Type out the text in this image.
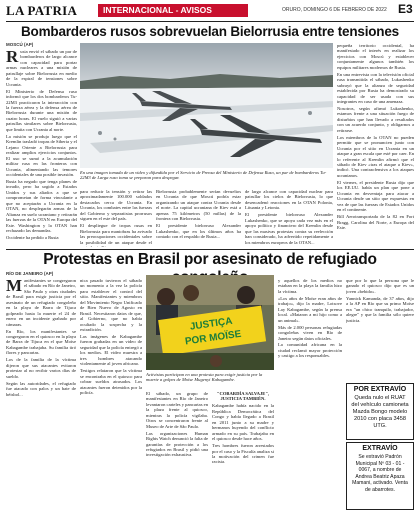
LA PATRIA	INTERNACIONAL - AVISOS	ORURO, DOMINGO 6 DE FEBRERO DE 2022 E3
Bombarderos rusos sobrevuelan Bielorrusia entre tensiones
MOSCÚ (AP)
R usia envió el sábado un par de bombarderos de largo alcance con capacidad para portar armas nucleares a una misión de patrullaje sobre Bielorrusia en medio de la espiral de tensiones sobre Ucrania.

El Ministerio de Defensa ruso informó que los dos bombarderos Tu-22M3 practicaron la interacción con la fuerza aérea y la defensa aérea de Bielorrusia durante una misión de cuatro horas. El vuelo siguió a varias patrullas similares sobre Bielorrusia, que limita con Ucrania al norte.

La misión se produjo luego que el Kremlin trasladó tropas de Siberia y el Lejano Oriente a Bielorrusia para realizar amplios ejercicios conjuntos. El uso se sumó a la acumulación militar rusa en las fronteras con Ucrania, alimentando las temores occidentales de una posible invasión.

Rusia ha negado que tenga planes de invadir, pero ha urgido a Estados Unidos y sus aliados a que se comprometan de forma vinculante a que no aceptarán a Ucrania en la OTAN, no desplegarán armas de la Alianza en suelo ucraniano y retirarán las fuerzas de la OTAN en Europa del Este. Washington y la OTAN han rechazado las demandas.

Occidente ha pedido a Rusia

En una imagen tomada de un video y difundida por el Servicio de Prensa del Ministerio de Defensa Ruso, un par de bombarderos Tu-22M3 de Larga ruso toma se preparan para despegar.

para reducir la tensión y retirar las aproximadamente 100.000 soldados destacados cerca de Ucrania. En Ucrania, los combates entre las fuerzas del Gobierno y separatistas prorrusos siguen en el este del país.

El despliegue de tropas rusas en Bielorrusia para maniobras ha avivado las preocupaciones occidentales sobre la posibilidad de un ataque desde el

Bielorrusia probablemente serían devueltos en Ucrania de que Moscú podría estar organizando un ataque contra Ucrania desde el norte. La capital ucraniana de Kiev está a apenas 75 kilómetros (50 millas) de la frontera con Bielorrusia.

El presidente bielorruso Alexander Lukashenko, que en los últimos años ha contado con el respaldo de Rusia...

de largo alcance con capacidad nuclear para patrullar los cielos de Bielorrusia, lo que desencadenó reacciones en la OTAN Polonia, Lituania y Letonia.

El presidente bielorruso Alexander Lukashenko, que se apoya cada vez más en el apoyo político y financiero del Kremlin desde que las masivas protestas contra su reelección han considerado, ha advertido repetidamente a los miembros europeos de la OTAN...

pequeña territorio occidental, ha manifestado el interés en realizar los ejercicios con Moscú y establecer conjuntamente algunos también los equipos militares modernos de Rusia.

En una entrevista con la televisión oficial rusa transmitida el sábado, Lukashenko subrayó que la alianza de seguridad establecida por Rusia ha demostrado su capacidad de ser usada con sus integrantes en caso de una amenaza.

Nosotros, según afirmó Lukashenko, estamos frente a una situación fuego de disturbios que han llevado a resultados con un acuerdo conjunto, y obligarnos a retirarse.

Los miembros de la OTAN no pueden permitir que se pronuncien junto con Ucrania por el sitio en Ucrania en un ataque a gran escala que esté por caer. En lo referente al Kremlin afirmó que el sábado de Kiev «tras el ataque a Kiev», indicó. Una contraofensiva a los ataques ucranianos.

El viernes, el presidente Rusia dijo que los EE.UU. había un plan que pone a Ucrania en desventaja para atacar a Ucrania desde un sitio que expuestas en vez de que las fuerzas de Estados Unidos en el continente.

Bill Aerotransportada de la 82 en Fort Bragg, Carolina del Norte, a Europa del Este.

Protestas en Brasil por asesinato de refugiado
RÍO DE JANEIRO (AP)
M anifestantes se congregaron el sábado en Río de Janeiro, São Paulo y otras ciudades de Brasil para exigir justicia por el asesinato de un refugiado congoleño en la playa de Barra de Tijuca golpeado hasta la muerte el 24 de enero en un incidente grabado por cámaras.

En Río, los manifestantes se congregaron en el quiosco en la playa de Barra de Tijuca en el que Moïse Kabagambe trabajaba. Su familia tiró flores y pancartas.

Los de la familia de la víctima dijeron que sus atacantes evitaron protestar al no recibir varios días de sueldo.

Según las autoridades, el refugiado fue atacado con palos y un bate de béisbol...

nica pasado tuvieron el sábado un momento a la vez la policía para establecer el control del sitio. Manifestantes y miembros del Movimiento Negro Unificado de Bien Nuevo de Agosto en Brasil. Necesitaron datos de que, al Gobierno, que no había ocultado la sospecha y la extradición.

Las imágenes de Kabagambe fueron grabadas en un video de seguridad que la policía entregó a los medios. El video muestra a tres hombres atacando violentamente al joven africano.

Testigos relataron que la víctima se encontraba en el quiosco para cobrar sueldos atrasados. Los atacantes fueron detenidos por la policía.

JUSTIÇA
POR MOÏSE
Activistas participan en una protesta para exigir justicia por la muerte a golpes de Moïse Mugenyi Kabagambe.

El sábado, un grupo de manifestantes en Río de Janeiro levantaron carteles y pancartas en la plaza frente al quiosco, mientras la policía vigilaba. Otros se concentraron frente al Museo de Arte de São Paulo.

Las organizaciones Human Rights Watch denunció la falta de garantías de protección a los refugiados en Brasil y pidió una investigación exhaustiva.

"COBARDÍA SALVAJE", JUSTICIA TAMBIÉN.

Kabagambe había nacido en la República Democrática del Congo y había llegado a Brasil en 2011 junto a su madre y hermanos huyendo del conflicto armado en su país. Trabajaba en el quiosco desde hace años.

Tres hombres fueron arrestados por el caso y la Fiscalía analiza si la motivación del crimen fue racista.

y aquellos de los medios no estaban en la playa la familia hizo la víctima.

«Los años de Moïse eran años de trabajo», dijo la madre, Lotsove Lay Kabagambe, según la prensa local. «Mataron a mi hijo como a un animal».

Más de 2.000 personas refugiadas congoleñas viven en Río de Janeiro según datos oficiales.

La comunidad africana en la ciudad reclamó mayor protección y castigo a los responsables.

que por lo que la persona que le ganado el quiosco dijo que es un joven «bebido».

Yannick Kamanda, de 37 años, dijo a la AP en Río que su primo Moïse era "un chico tranquilo, trabajador, alegre" y que la familia sólo quiere justicia.

POR EXTRAVÍO
Queda nulo el RUAT del vehículo camioneta Mazda Bongo modelo 2010 con placa 3458 UTG.
EXTRAVÍO
Se extravió Padrón Municipal Nº 03 - 01 - 0067, a nombre de Andrea Beatriz Apaza Mamani, activado. Venta de abarrotes.
